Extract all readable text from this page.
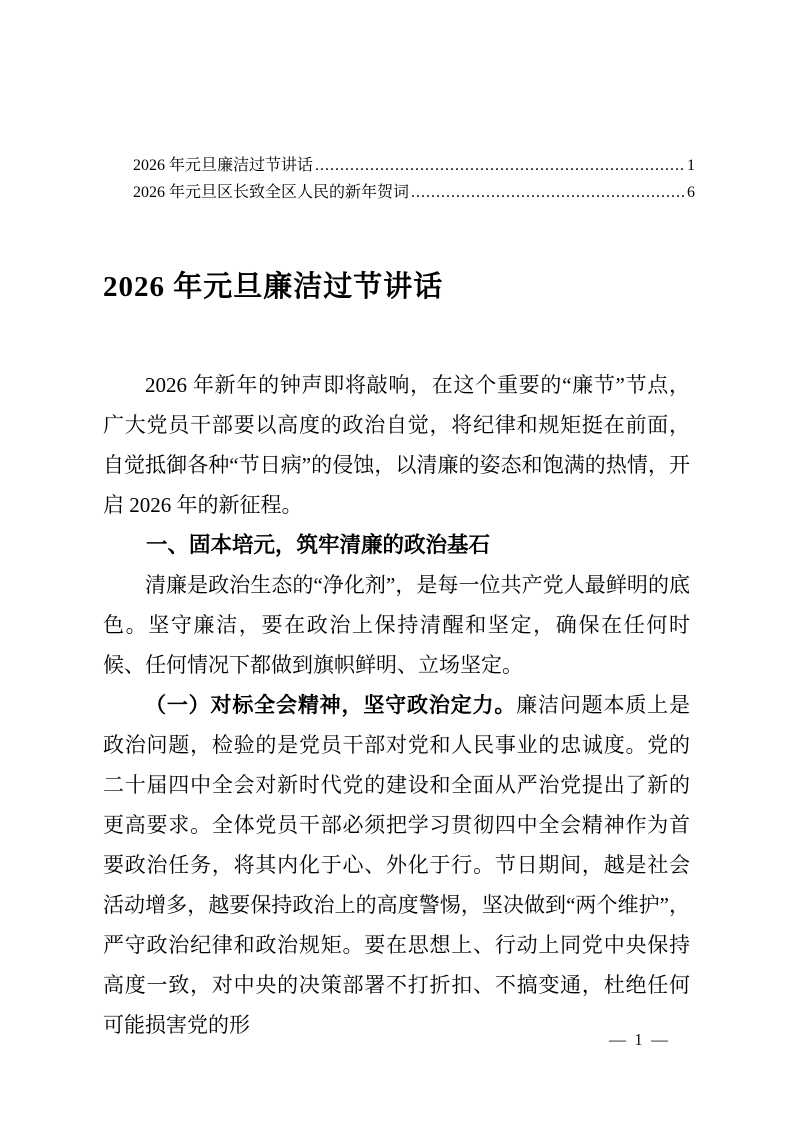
2026 年元旦廉洁过节讲话 .....	1
2026 年元旦区长致全区人民的新年贺词 .....	6
2026 年元旦廉洁过节讲话

2026 年新年的钟声即将敲响，在这个重要的“廉节”节点，广大党员干部要以高度的政治自觉，将纪律和规矩挺在前面，自觉抵御各种“节日病”的侵蚀，以清廉的姿态和饱满的热情，开启 2026 年的新征程。

一、固本培元，筑牢清廉的政治基石

清廉是政治生态的“净化剂”，是每一位共产党人最鲜明的底色。坚守廉洁，要在政治上保持清醒和坚定，确保在任何时候、任何情况下都做到旗帜鲜明、立场坚定。

（一）对标全会精神，坚守政治定力。廉洁问题本质上是政治问题，检验的是党员干部对党和人民事业的忠诚度。党的二十届四中全会对新时代党的建设和全面从严治党提出了新的更高要求。全体党员干部必须把学习贯彻四中全会精神作为首要政治任务，将其内化于心、外化于行。节日期间，越是社会活动增多，越要保持政治上的高度警惕，坚决做到“两个维护”，严守政治纪律和政治规矩。要在思想上、行动上同党中央保持高度一致，对中央的决策部署不打折扣、不搞变通，杜绝任何可能损害党的形

— 1 —
